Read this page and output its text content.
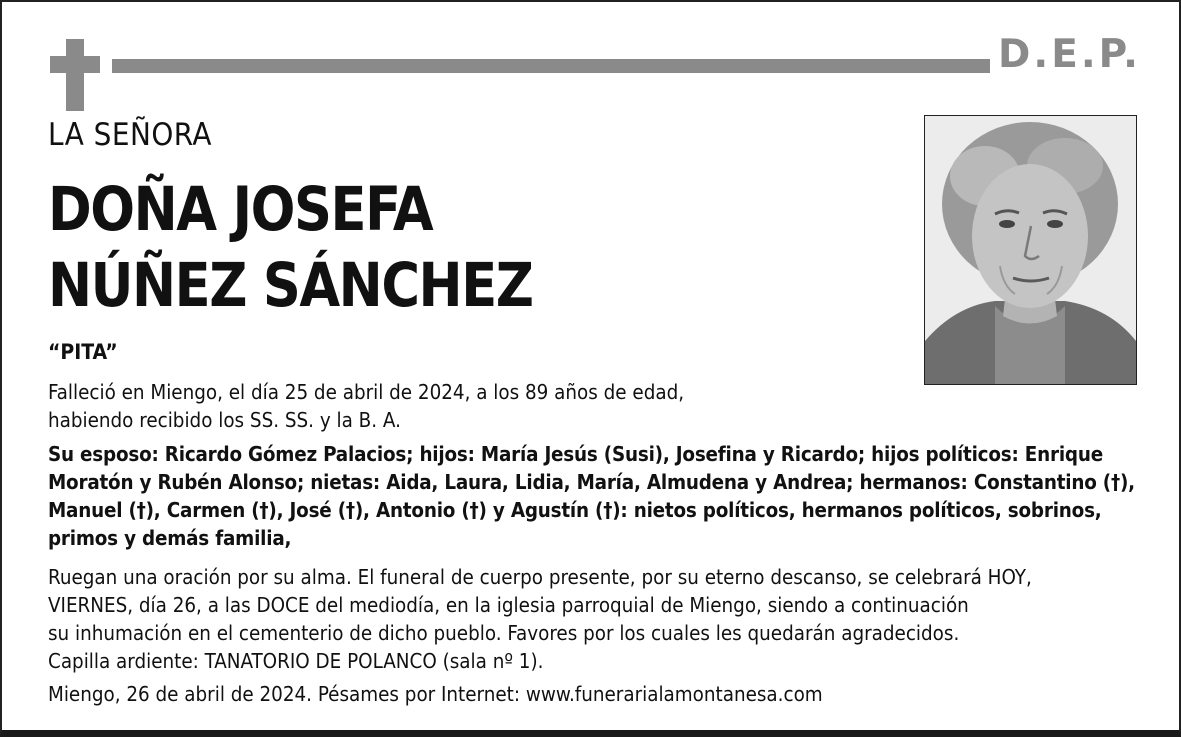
D.E.P.
LA SEÑORA
DOÑA JOSEFA
NÚÑEZ SÁNCHEZ
“PITA”

Falleció en Miengo, el día 25 de abril de 2024, a los 89 años de edad,
habiendo recibido los SS. SS. y la B. A.

Su esposo: Ricardo Gómez Palacios; hijos: María Jesús (Susi), Josefina y Ricardo; hijos políticos: Enrique
Moratón y Rubén Alonso; nietas: Aida, Laura, Lidia, María, Almudena y Andrea; hermanos: Constantino (†),
Manuel (†), Carmen (†), José (†), Antonio (†) y Agustín (†): nietos políticos, hermanos políticos, sobrinos,
primos y demás familia,

Ruegan una oración por su alma. El funeral de cuerpo presente, por su eterno descanso, se celebrará HOY,
VIERNES, día 26, a las DOCE del mediodía, en la iglesia parroquial de Miengo, siendo a continuación
su inhumación en el cementerio de dicho pueblo. Favores por los cuales les quedarán agradecidos.
Capilla ardiente: TANATORIO DE POLANCO (sala nº 1).

Miengo, 26 de abril de 2024. Pésames por Internet: www.funerarialamontanesa.com
